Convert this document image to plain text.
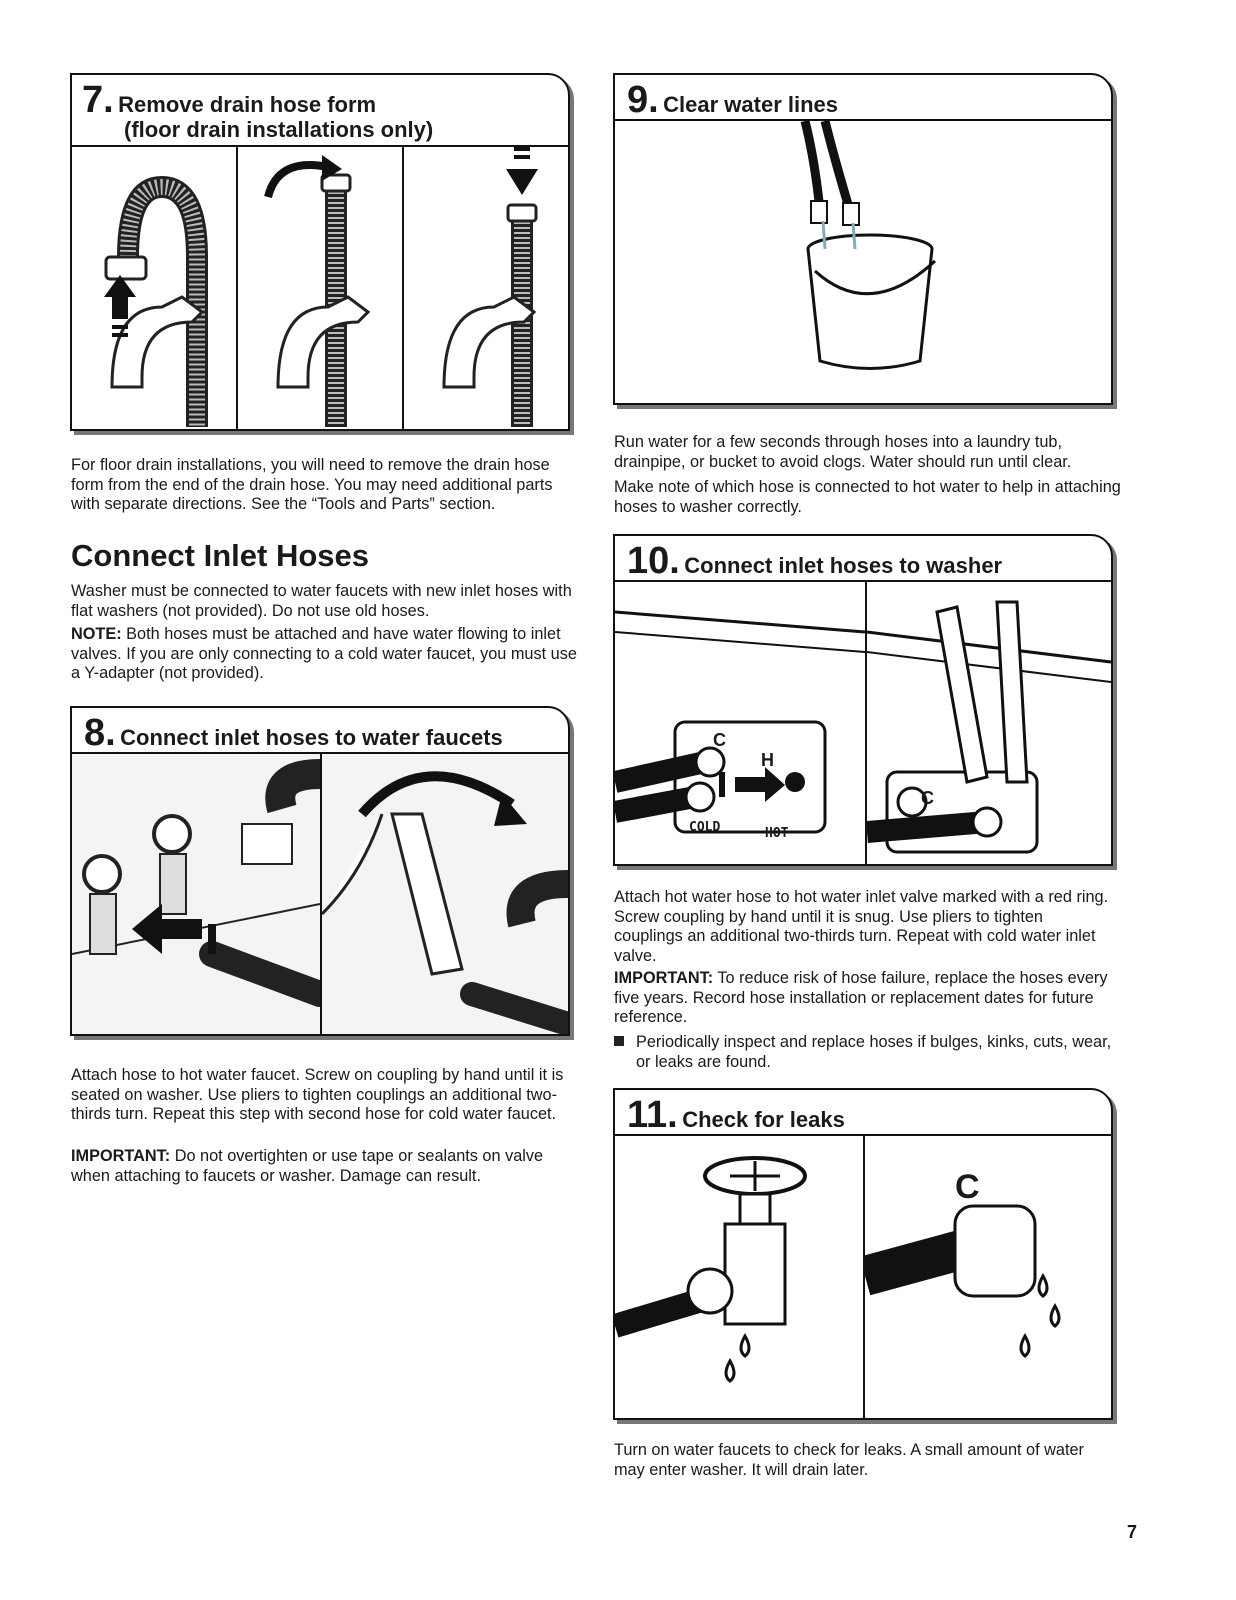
7. Remove drain hose form
(floor drain installations only)

For floor drain installations, you will need to remove the drain hose form from the end of the drain hose. You may need additional parts with separate directions. See the “Tools and Parts” section.

Connect Inlet Hoses

Washer must be connected to water faucets with new inlet hoses with flat washers (not provided). Do not use old hoses.

NOTE: Both hoses must be attached and have water flowing to inlet valves. If you are only connecting to a cold water faucet, you must use a Y-adapter (not provided).

8. Connect inlet hoses to water faucets

Attach hose to hot water faucet. Screw on coupling by hand until it is seated on washer. Use pliers to tighten couplings an additional two-thirds turn. Repeat this step with second hose for cold water faucet.

IMPORTANT: Do not overtighten or use tape or sealants on valve when attaching to faucets or washer. Damage can result.

9. Clear water lines

Run water for a few seconds through hoses into a laundry tub, drainpipe, or bucket to avoid clogs. Water should run until clear.

Make note of which hose is connected to hot water to help in attaching hoses to washer correctly.

10. Connect inlet hoses to washer
C
H
COLD	HOT
C

Attach hot water hose to hot water inlet valve marked with a red ring. Screw coupling by hand until it is snug. Use pliers to tighten couplings an additional two-thirds turn. Repeat with cold water inlet valve.

IMPORTANT: To reduce risk of hose failure, replace the hoses every five years. Record hose installation or replacement dates for future reference.

Periodically inspect and replace hoses if bulges, kinks, cuts, wear, or leaks are found.
11. Check for leaks
C

Turn on water faucets to check for leaks. A small amount of water may enter washer. It will drain later.

7
